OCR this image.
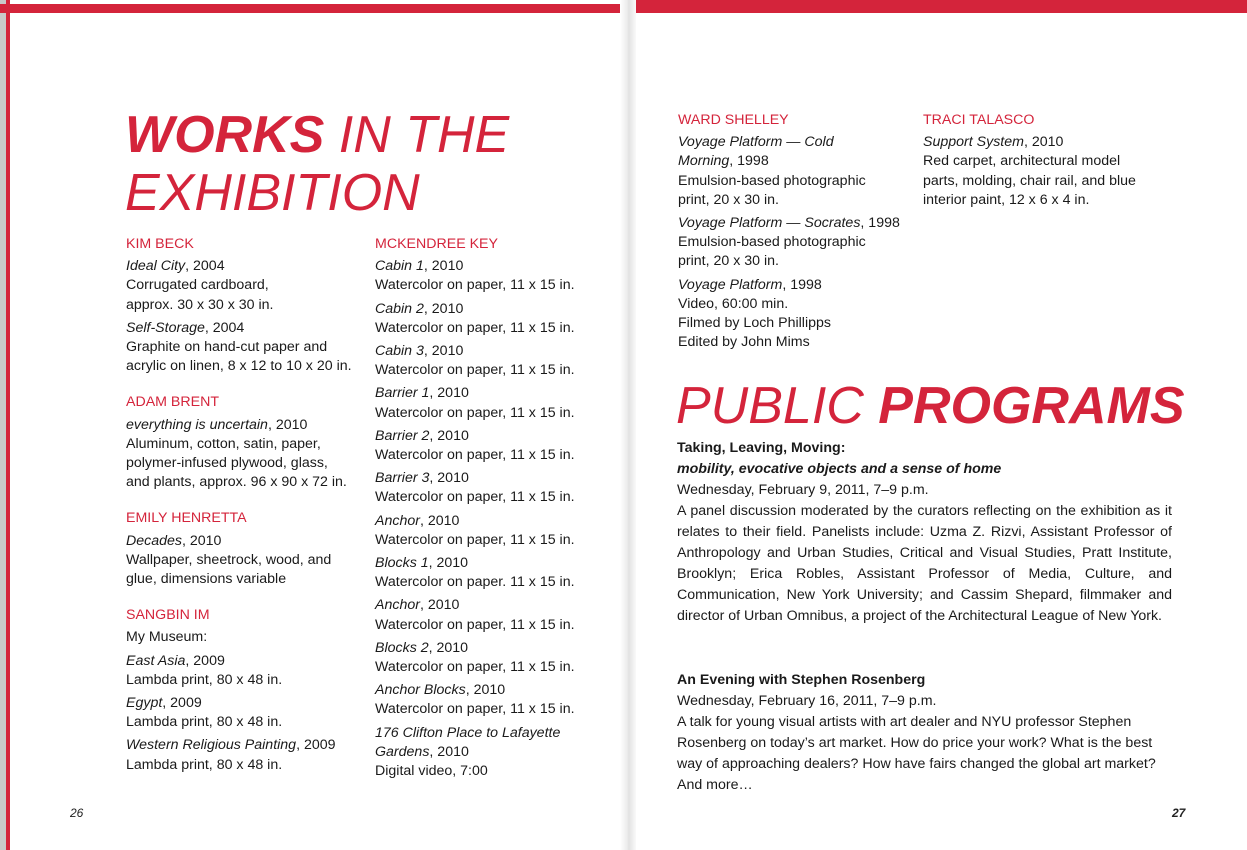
WORKS IN THE EXHIBITION

KIM BECK

Ideal City, 2004
Corrugated cardboard,
approx. 30 x 30 x 30 in.

Self-Storage, 2004
Graphite on hand-cut paper and
acrylic on linen, 8 x 12 to 10 x 20 in.

ADAM BRENT

everything is uncertain, 2010
Aluminum, cotton, satin, paper,
polymer-infused plywood, glass,
and plants, approx. 96 x 90 x 72 in.

EMILY HENRETTA

Decades, 2010
Wallpaper, sheetrock, wood, and
glue, dimensions variable

SANGBIN IM

My Museum:

East Asia, 2009
Lambda print, 80 x 48 in.

Egypt, 2009
Lambda print, 80 x 48 in.

Western Religious Painting, 2009
Lambda print, 80 x 48 in.

MCKENDREE KEY

Cabin 1, 2010
Watercolor on paper, 11 x 15 in.

Cabin 2, 2010
Watercolor on paper, 11 x 15 in.

Cabin 3, 2010
Watercolor on paper, 11 x 15 in.

Barrier 1, 2010
Watercolor on paper, 11 x 15 in.

Barrier 2, 2010
Watercolor on paper, 11 x 15 in.

Barrier 3, 2010
Watercolor on paper, 11 x 15 in.

Anchor, 2010
Watercolor on paper, 11 x 15 in.

Blocks 1, 2010
Watercolor on paper. 11 x 15 in.

Anchor, 2010
Watercolor on paper, 11 x 15 in.

Blocks 2, 2010
Watercolor on paper, 11 x 15 in.

Anchor Blocks, 2010
Watercolor on paper, 11 x 15 in.

176 Clifton Place to Lafayette
Gardens, 2010
Digital video, 7:00

26

WARD SHELLEY

Voyage Platform — Cold
Morning, 1998
Emulsion-based photographic
print, 20 x 30 in.

Voyage Platform — Socrates, 1998
Emulsion-based photographic
print, 20 x 30 in.

Voyage Platform, 1998
Video, 60:00 min.
Filmed by Loch Phillipps
Edited by John Mims

TRACI TALASCO

Support System, 2010
Red carpet, architectural model
parts, molding, chair rail, and blue
interior paint, 12 x 6 x 4 in.

PUBLIC PROGRAMS

Taking, Leaving, Moving:

mobility, evocative objects and a sense of home

Wednesday, February 9, 2011, 7–9 p.m.

A panel discussion moderated by the curators reflecting on the exhibition as it relates to their field. Panelists include: Uzma Z. Rizvi, Assistant Professor of Anthropology and Urban Studies, Critical and Visual Studies, Pratt Institute, Brooklyn; Erica Robles, Assistant Professor of Media, Culture, and Communication, New York University; and Cassim Shepard, filmmaker and director of Urban Omnibus, a project of the Architectural League of New York.

An Evening with Stephen Rosenberg

Wednesday, February 16, 2011, 7–9 p.m.

A talk for young visual artists with art dealer and NYU professor Stephen Rosenberg on today’s art market. How do price your work? What is the best way of approaching dealers? How have fairs changed the global art market? And more…

27
